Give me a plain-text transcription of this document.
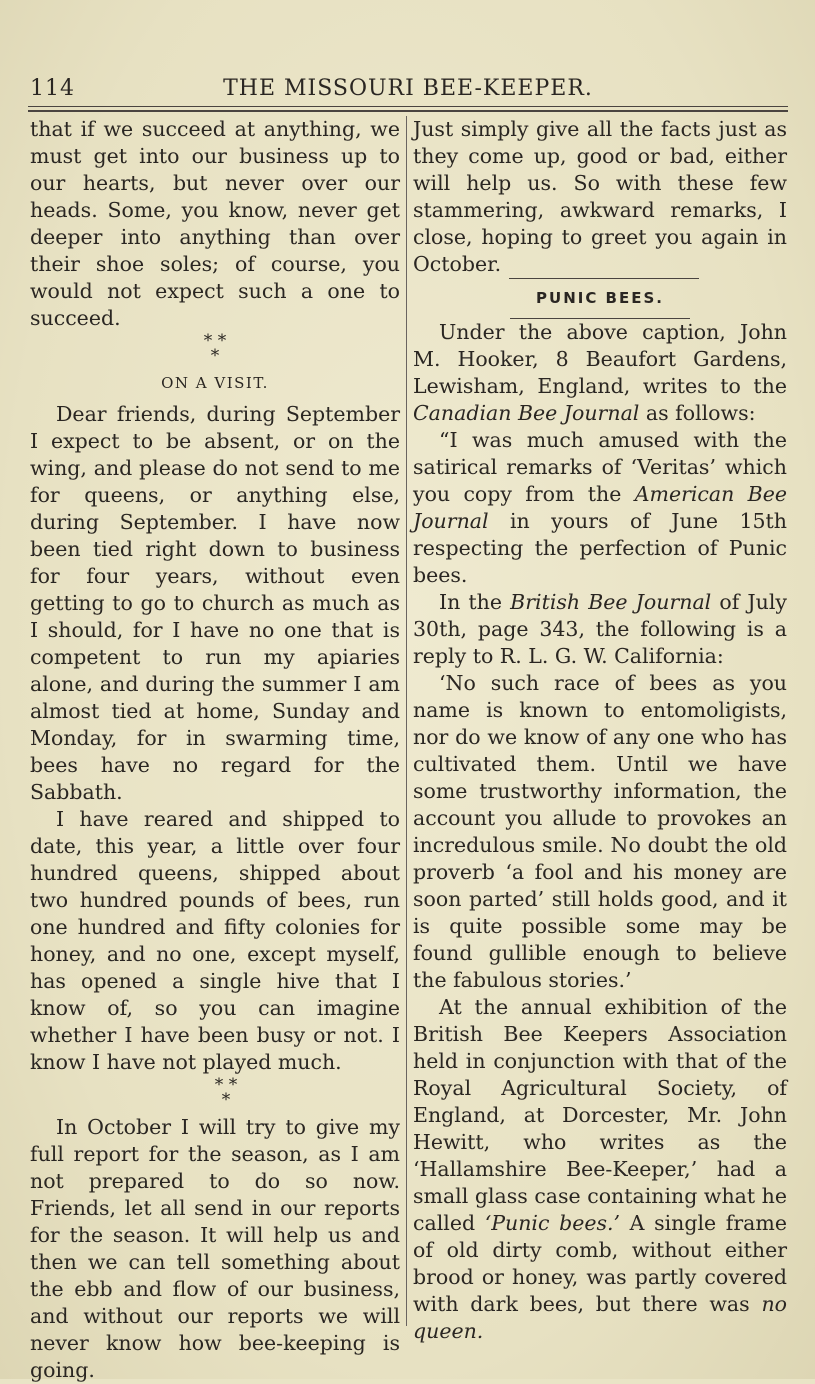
114	THE MISSOURI BEE-KEEPER.

that if we succeed at anything, we must get into our business up to our hearts, but never over our heads. Some, you know, never get deeper into anything than over their shoe soles; of course, you would not expect such a one to succeed.

* *
*
ON A VISIT.

Dear friends, during September I expect to be absent, or on the wing, and please do not send to me for queens, or anything else, during September. I have now been tied right down to business for four years, without even getting to go to church as much as I should, for I have no one that is competent to run my apiaries alone, and during the summer I am almost tied at home, Sunday and Monday, for in swarming time, bees have no regard for the Sabbath.

I have reared and shipped to date, this year, a little over four hundred queens, shipped about two hundred pounds of bees, run one hundred and fifty colonies for honey, and no one, except myself, has opened a single hive that I know of, so you can imagine whether I have been busy or not. I know I have not played much.

* *
*

In October I will try to give my full report for the season, as I am not prepared to do so now. Friends, let all send in our reports for the season. It will help us and then we can tell something about the ebb and flow of our business, and without our reports we will never know how bee-keeping is going.

Just simply give all the facts just as they come up, good or bad, either will help us. So with these few stammering, awkward remarks, I close, hoping to greet you again in October.

PUNIC BEES.

Under the above caption, John M. Hooker, 8 Beaufort Gardens, Lewisham, England, writes to the Canadian Bee Journal as follows:

“I was much amused with the satirical remarks of ‘Veritas’ which you copy from the American Bee Journal in yours of June 15th respecting the perfection of Punic bees.

In the British Bee Journal of July 30th, page 343, the following is a reply to R. L. G. W. California:

‘No such race of bees as you name is known to entomoligists, nor do we know of any one who has cultivated them. Until we have some trustworthy information, the account you allude to provokes an incredulous smile. No doubt the old proverb ‘a fool and his money are soon parted’ still holds good, and it is quite possible some may be found gullible enough to believe the fabulous stories.’

At the annual exhibition of the British Bee Keepers Association held in conjunction with that of the Royal Agricultural Society, of England, at Dorcester, Mr. John Hewitt, who writes as the ‘Hallamshire Bee-Keeper,’ had a small glass case containing what he called ‘Punic bees.’ A single frame of old dirty comb, without either brood or honey, was partly covered with dark bees, but there was no queen.
